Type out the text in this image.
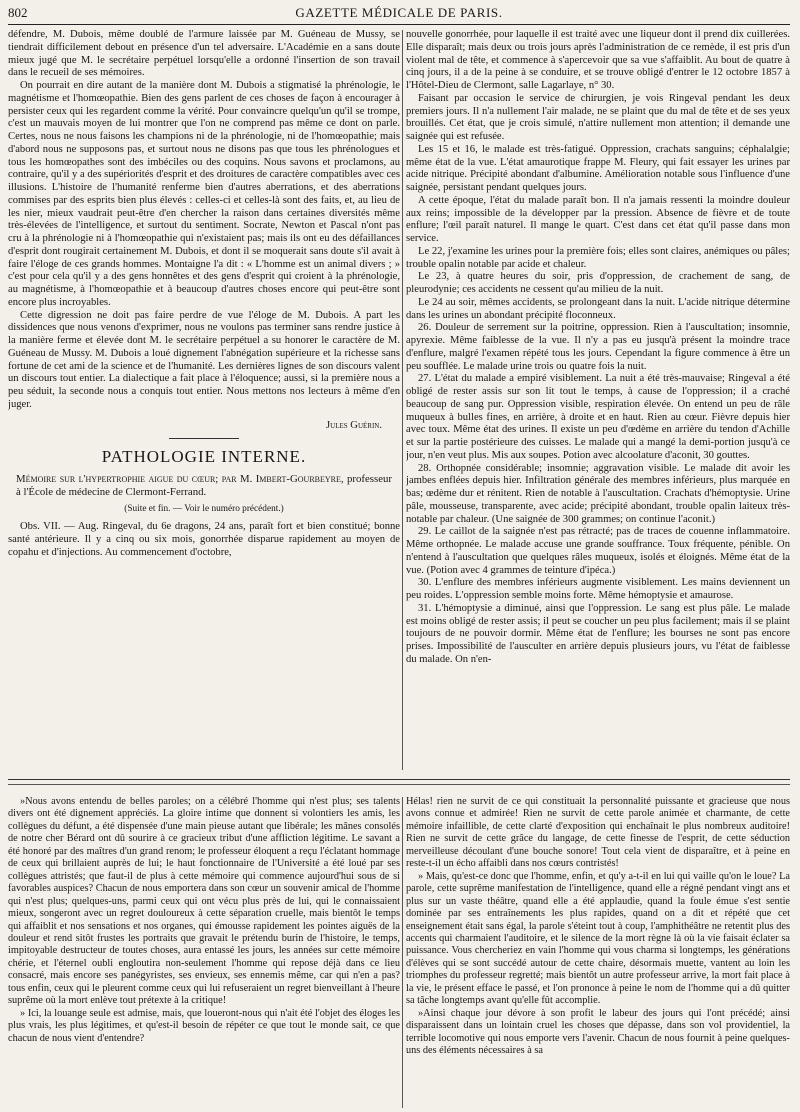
802	GAZETTE MÉDICALE DE PARIS.

défendre, M. Dubois, même doublé de l'armure laissée par M. Guéneau de Mussy, se tiendrait difficilement debout en présence d'un tel adversaire. L'Académie en a sans doute mieux jugé que M. le secrétaire perpétuel lorsqu'elle a ordonné l'insertion de son travail dans le recueil de ses mémoires.

On pourrait en dire autant de la manière dont M. Dubois a stigmatisé la phrénologie, le magnétisme et l'homœopathie. Bien des gens parlent de ces choses de façon à encourager à persister ceux qui les regardent comme la vérité. Pour convaincre quelqu'un qu'il se trompe, c'est un mauvais moyen de lui montrer que l'on ne comprend pas même ce dont on parle. Certes, nous ne nous faisons les champions ni de la phrénologie, ni de l'homœopathie; mais d'abord nous ne supposons pas, et surtout nous ne disons pas que tous les phrénologues et tous les homœopathes sont des imbéciles ou des coquins. Nous savons et proclamons, au contraire, qu'il y a des supériorités d'esprit et des droitures de caractère compatibles avec ces illusions. L'histoire de l'humanité renferme bien d'autres aberrations, et des aberrations commises par des esprits bien plus élevés : celles-ci et celles-là sont des faits, et, au lieu de les nier, mieux vaudrait peut-être d'en chercher la raison dans certaines diversités même très-élevées de l'intelligence, et surtout du sentiment. Socrate, Newton et Pascal n'ont pas cru à la phrénologie ni à l'homœopathie qui n'existaient pas; mais ils ont eu des défaillances d'esprit dont rougirait certainement M. Dubois, et dont il se moquerait sans doute s'il avait à faire l'éloge de ces grands hommes. Montaigne l'a dit : « L'homme est un animal divers ; » c'est pour cela qu'il y a des gens honnêtes et des gens d'esprit qui croient à la phrénologie, au magnétisme, à l'homœopathie et à beaucoup d'autres choses encore qui peut-être sont encore plus incroyables.

Cette digression ne doit pas faire perdre de vue l'éloge de M. Dubois. A part les dissidences que nous venons d'exprimer, nous ne voulons pas terminer sans rendre justice à la manière ferme et élevée dont M. le secrétaire perpétuel a su honorer le caractère de M. Guéneau de Mussy. M. Dubois a loué dignement l'abnégation supérieure et la richesse sans fortune de cet ami de la science et de l'humanité. Les dernières lignes de son discours valent un discours tout entier. La dialectique a fait place à l'éloquence; aussi, si la première nous a peu séduit, la seconde nous a conquis tout entier. Nous mettons nos lecteurs à même d'en juger.

Jules Guérin.

PATHOLOGIE INTERNE.

Mémoire sur l'hypertrophie aigue du cœur; par M. Imbert-Gourbeyre, professeur à l'École de médecine de Clermont-Ferrand.

(Suite et fin. — Voir le numéro précédent.)

Obs. VII. — Aug. Ringeval, du 6e dragons, 24 ans, paraît fort et bien constitué; bonne santé antérieure. Il y a cinq ou six mois, gonorrhée disparue rapidement au moyen de copahu et d'injections. Au commencement d'octobre,

nouvelle gonorrhée, pour laquelle il est traité avec une liqueur dont il prend dix cuillerées. Elle disparaît; mais deux ou trois jours après l'administration de ce remède, il est pris d'un violent mal de tête, et commence à s'apercevoir que sa vue s'affaiblit. Au bout de quatre à cinq jours, il a de la peine à se conduire, et se trouve obligé d'entrer le 12 octobre 1857 à l'Hôtel-Dieu de Clermont, salle Lagarlaye, n° 30.

Faisant par occasion le service de chirurgien, je vois Ringeval pendant les deux premiers jours. Il n'a nullement l'air malade, ne se plaint que du mal de tête et de ses yeux brouillés. Cet état, que je crois simulé, n'attire nullement mon attention; il demande une saignée qui est refusée.

Les 15 et 16, le malade est très-fatigué. Oppression, crachats sanguins; céphalalgie; même état de la vue. L'état amaurotique frappe M. Fleury, qui fait essayer les urines par acide nitrique. Précipité abondant d'albumine. Amélioration notable sous l'influence d'une saignée, persistant pendant quelques jours.

A cette époque, l'état du malade paraît bon. Il n'a jamais ressenti la moindre douleur aux reins; impossible de la développer par la pression. Absence de fièvre et de toute enflure; l'œil paraît naturel. Il mange le quart. C'est dans cet état qu'il passe dans mon service.

Le 22, j'examine les urines pour la première fois; elles sont claires, anémiques ou pâles; trouble opalin notable par acide et chaleur.

Le 23, à quatre heures du soir, pris d'oppression, de crachement de sang, de pleurodynie; ces accidents ne cessent qu'au milieu de la nuit.

Le 24 au soir, mêmes accidents, se prolongeant dans la nuit. L'acide nitrique détermine dans les urines un abondant précipité floconneux.

26. Douleur de serrement sur la poitrine, oppression. Rien à l'auscultation; insomnie, apyrexie. Même faiblesse de la vue. Il n'y a pas eu jusqu'à présent la moindre trace d'enflure, malgré l'examen répété tous les jours. Cependant la figure commence à être un peu soufflée. Le malade urine trois ou quatre fois la nuit.

27. L'état du malade a empiré visiblement. La nuit a été très-mauvaise; Ringeval a été obligé de rester assis sur son lit tout le temps, à cause de l'oppression; il a craché beaucoup de sang pur. Oppression visible, respiration élevée. On entend un peu de râle muqueux à bulles fines, en arrière, à droite et en haut. Rien au cœur. Fièvre depuis hier avec toux. Même état des urines. Il existe un peu d'œdème en arrière du tendon d'Achille et sur la partie postérieure des cuisses. Le malade qui a mangé la demi-portion jusqu'à ce jour, n'en veut plus. Mis aux soupes. Potion avec alcoolature d'aconit, 30 gouttes.

28. Orthopnée considérable; insomnie; aggravation visible. Le malade dit avoir les jambes enflées depuis hier. Infiltration générale des membres inférieurs, plus marquée en bas; œdème dur et rénitent. Rien de notable à l'auscultation. Crachats d'hémoptysie. Urine pâle, mousseuse, transparente, avec acide; précipité abondant, trouble opalin laiteux très-notable par chaleur. (Une saignée de 300 grammes; on continue l'aconit.)

29. Le caillot de la saignée n'est pas rétracté; pas de traces de couenne inflammatoire. Même orthopnée. Le malade accuse une grande souffrance. Toux fréquente, pénible. On n'entend à l'auscultation que quelques râles muqueux, isolés et éloignés. Même état de la vue. (Potion avec 4 grammes de teinture d'ipéca.)

30. L'enflure des membres inférieurs augmente visiblement. Les mains deviennent un peu roides. L'oppression semble moins forte. Même hémoptysie et amaurose.

31. L'hémoptysie a diminué, ainsi que l'oppression. Le sang est plus pâle. Le malade est moins obligé de rester assis; il peut se coucher un peu plus facilement; mais il se plaint toujours de ne pouvoir dormir. Même état de l'enflure; les bourses ne sont pas encore prises. Impossibilité de l'ausculter en arrière depuis plusieurs jours, vu l'état de faiblesse du malade. On n'en-

»Nous avons entendu de belles paroles; on a célébré l'homme qui n'est plus; ses talents divers ont été dignement appréciés. La gloire intime que donnent si volontiers les amis, les collègues du défunt, a été dispensée d'une main pieuse autant que libérale; les mânes consolés de notre cher Bérard ont dû sourire à ce gracieux tribut d'une affliction légitime. Le savant a été honoré par des maîtres d'un grand renom; le professeur éloquent a reçu l'éclatant hommage de ceux qui brillaient auprès de lui; le haut fonctionnaire de l'Université a été loué par ses collègues attristés; que faut-il de plus à cette mémoire qui commence aujourd'hui sous de si favorables auspices? Chacun de nous emportera dans son cœur un souvenir amical de l'homme qui n'est plus; quelques-uns, parmi ceux qui ont vécu plus près de lui, qui le connaissaient mieux, songeront avec un regret douloureux à cette séparation cruelle, mais bientôt le temps qui affaiblit et nos sensations et nos organes, qui émousse rapidement les pointes aiguës de la douleur et rend sitôt frustes les portraits que gravait le prétendu burin de l'histoire, le temps, impitoyable destructeur de toutes choses, aura entassé les jours, les années sur cette mémoire chérie, et l'éternel oubli engloutira non-seulement l'homme qui repose déjà dans ce lieu consacré, mais encore ses panégyristes, ses envieux, ses ennemis même, car qui n'en a pas? tous enfin, ceux qui le pleurent comme ceux qui lui refuseraient un regret bienveillant à l'heure suprême où la mort enlève tout prétexte à la critique!

» Ici, la louange seule est admise, mais, que loueront-nous qui n'ait été l'objet des éloges les plus vrais, les plus légitimes, et qu'est-il besoin de répéter ce que tout le monde sait, ce que chacun de nous vient d'entendre?

Hélas! rien ne survit de ce qui constituait la personnalité puissante et gracieuse que nous avons connue et admirée! Rien ne survit de cette parole animée et charmante, de cette mémoire infaillible, de cette clarté d'exposition qui enchaînait le plus nombreux auditoire! Rien ne survit de cette grâce du langage, de cette finesse de l'esprit, de cette séduction merveilleuse découlant d'une bouche sonore! Tout cela vient de disparaître, et à peine en reste-t-il un écho affaibli dans nos cœurs contristés!

» Mais, qu'est-ce donc que l'homme, enfin, et qu'y a-t-il en lui qui vaille qu'on le loue? La parole, cette suprême manifestation de l'intelligence, quand elle a régné pendant vingt ans et plus sur un vaste théâtre, quand elle a été applaudie, quand la foule émue s'est sentie dominée par ses entraînements les plus rapides, quand on a dit et répété que cet enseignement était sans égal, la parole s'éteint tout à coup, l'amphithéâtre ne retentit plus des accents qui charmaient l'auditoire, et le silence de la mort règne là où la vie faisait éclater sa puissance. Vous chercheriez en vain l'homme qui vous charma si longtemps, les générations d'élèves qui se sont succédé autour de cette chaire, désormais muette, vantent au loin les triomphes du professeur regretté; mais bientôt un autre professeur arrive, la mort fait place à la vie, le présent efface le passé, et l'on prononce à peine le nom de l'homme qui a dû quitter sa tâche longtemps avant qu'elle fût accomplie.

»Ainsi chaque jour dévore à son profit le labeur des jours qui l'ont précédé; ainsi disparaissent dans un lointain cruel les choses que dépasse, dans son vol providentiel, la terrible locomotive qui nous emporte vers l'avenir. Chacun de nous fournit à peine quelques-uns des éléments nécessaires à sa
